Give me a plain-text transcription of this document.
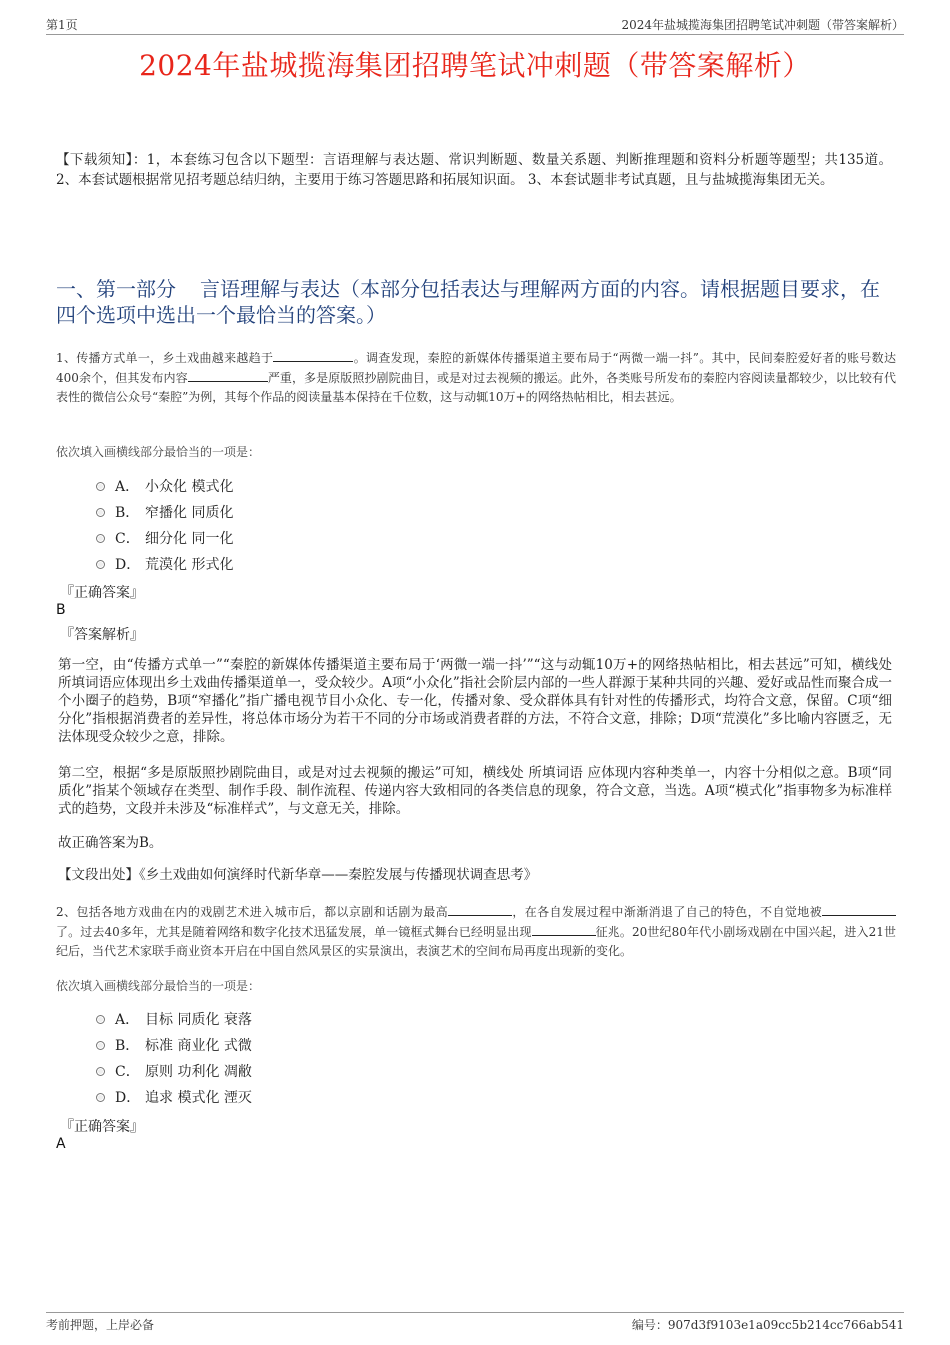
第1页	2024年盐城揽海集团招聘笔试冲刺题（带答案解析）
2024年盐城揽海集团招聘笔试冲刺题（带答案解析）
【下载须知】：1，本套练习包含以下题型：言语理解与表达题、常识判断题、数量关系题、判断推理题和资料分析题等题型；共135道。 2、本套试题根据常见招考题总结归纳，主要用于练习答题思路和拓展知识面。 3、本套试题非考试真题，且与盐城揽海集团无关。
一、第一部分 言语理解与表达（本部分包括表达与理解两方面的内容。请根据题目要求，在四个选项中选出一个最恰当的答案。）
1、传播方式单一，乡土戏曲越来越趋于	。调查发现，秦腔的新媒体传播渠道主要布局于“两微一端一抖”。其中，民间秦腔爱好者的账号数达400余个，但其发布内容	严重，多是原版照抄剧院曲目，或是对过去视频的搬运。此外，各类账号所发布的秦腔内容阅读量都较少，以比较有代表性的微信公众号“秦腔”为例，其每个作品的阅读量基本保持在千位数，这与动辄10万+的网络热帖相比，相去甚远。
依次填入画横线部分最恰当的一项是：
A． 小众化 模式化
B． 窄播化 同质化
C． 细分化 同一化
D． 荒漠化 形式化
『正确答案』
B
『答案解析』
第一空，由“传播方式单一”“秦腔的新媒体传播渠道主要布局于‘两微一端一抖’”“这与动辄10万+的网络热帖相比，相去甚远”可知，横线处所填词语应体现出乡土戏曲传播渠道单一，受众较少。A项“小众化”指社会阶层内部的一些人群源于某种共同的兴趣、爱好或品性而聚合成一个小圈子的趋势，B项“窄播化”指广播电视节目小众化、专一化，传播对象、受众群体具有针对性的传播形式，均符合文意，保留。C项“细分化”指根据消费者的差异性，将总体市场分为若干不同的分市场或消费者群的方法，不符合文意，排除；D项“荒漠化”多比喻内容匮乏，无法体现受众较少之意，排除。
第二空，根据“多是原版照抄剧院曲目，或是对过去视频的搬运”可知，横线处 所填词语 应体现内容种类单一，内容十分相似之意。B项“同质化”指某个领域存在类型、制作手段、制作流程、传递内容大致相同的各类信息的现象，符合文意，当选。A项“模式化”指事物多为标准样式的趋势，文段并未涉及“标准样式”，与文意无关，排除。
故正确答案为B。
【文段出处】《乡土戏曲如何演绎时代新华章——秦腔发展与传播现状调查思考》
2、包括各地方戏曲在内的戏剧艺术进入城市后，都以京剧和话剧为最高	，在各自发展过程中渐渐消退了自己的特色，不自觉地被了。过去40多年，尤其是随着网络和数字化技术迅猛发展，单一镜框式舞台已经明显出现	征兆。20世纪80年代小剧场戏剧在中国兴起，进入21世纪后，当代艺术家联手商业资本开启在中国自然风景区的实景演出，表演艺术的空间布局再度出现新的变化。
依次填入画横线部分最恰当的一项是：
A． 目标 同质化 衰落
B． 标准 商业化 式微
C． 原则 功利化 凋敝
D． 追求 模式化 湮灭
『正确答案』
A
考前押题，上岸必备	编号：907d3f9103e1a09cc5b214cc766ab541
